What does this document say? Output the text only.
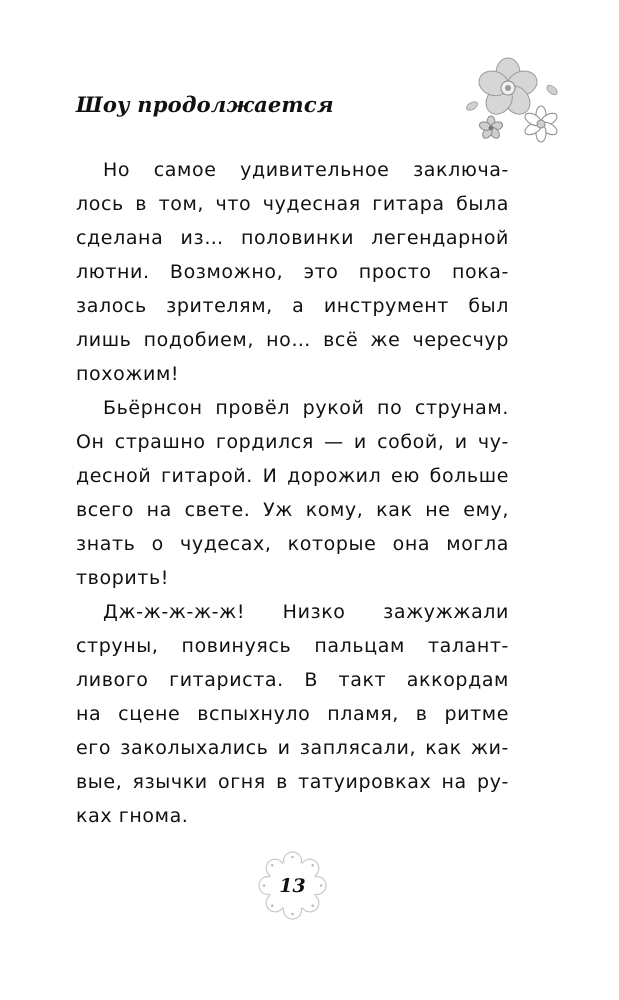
Шоу продолжается
Но самое удивительное заключа-
лось в том, что чудесная гитара была
сделана из… половинки легендарной
лютни. Возможно, это просто пока-
залось зрителям, а инструмент был
лишь подобием, но… всё же чересчур
похожим!
Бьёрнсон провёл рукой по струнам.
Он страшно гордился — и собой, и чу-
десной гитарой. И дорожил ею больше
всего на свете. Уж кому, как не ему,
знать о чудесах, которые она могла
творить!
Дж-ж-ж-ж-ж! Низко зажужжали
струны, повинуясь пальцам талант-
ливого гитариста. В такт аккордам
на сцене вспыхнуло пламя, в ритме
его заколыхались и заплясали, как жи-
вые, язычки огня в татуировках на ру-
ках гнома.
13
